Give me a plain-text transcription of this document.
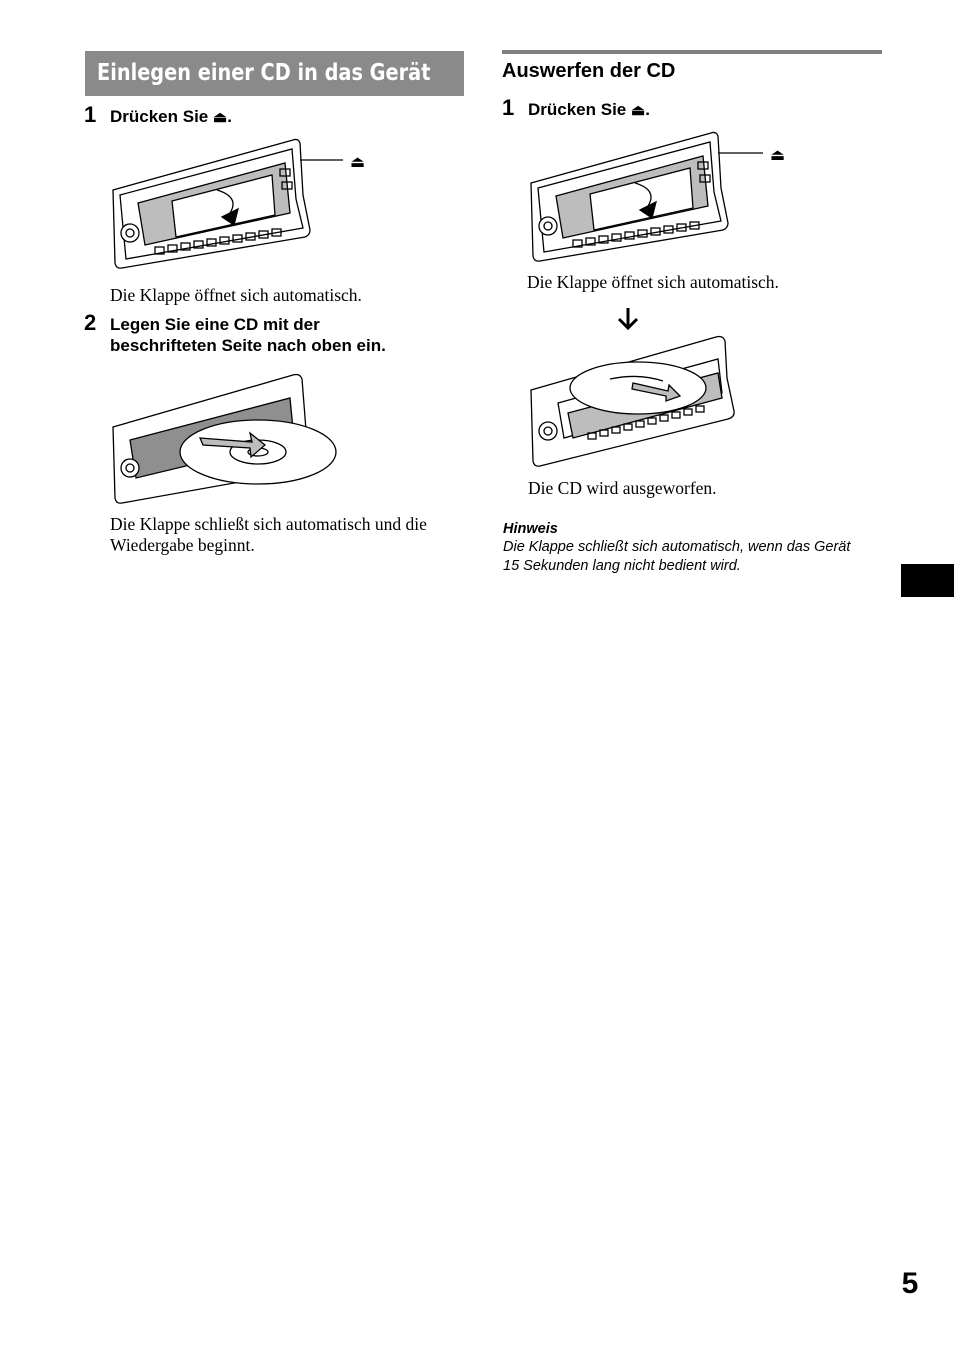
Einlegen einer CD in das Gerät
1 Drücken Sie ⏏.
⏏
Die Klappe öffnet sich automatisch.
2 Legen Sie eine CD mit der
beschrifteten Seite nach oben ein.
Die Klappe schließt sich automatisch und die
Wiedergabe beginnt.
Auswerfen der CD
1 Drücken Sie ⏏.
⏏
Die Klappe öffnet sich automatisch.
Die CD wird ausgeworfen.
Hinweis
Die Klappe schließt sich automatisch, wenn das Gerät
15 Sekunden lang nicht bedient wird.
5
